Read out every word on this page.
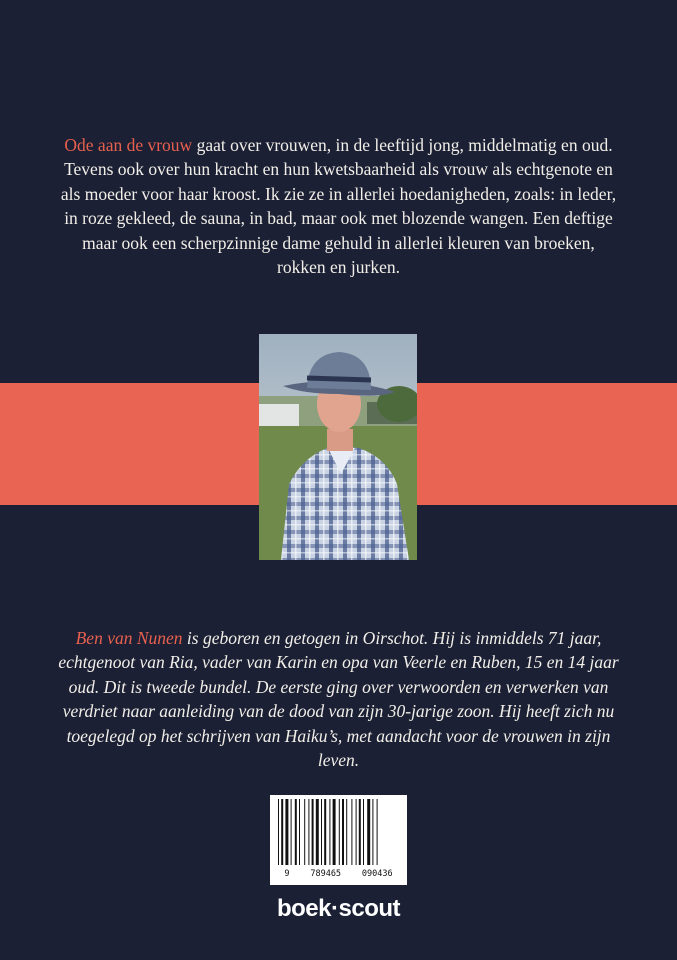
Ode aan de vrouw gaat over vrouwen, in de leeftijd jong, middelmatig en oud. Tevens ook over hun kracht en hun kwetsbaarheid als vrouw als echtgenote en als moeder voor haar kroost. Ik zie ze in allerlei hoedanigheden, zoals: in leder, in roze gekleed, de sauna, in bad, maar ook met blozende wangen. Een deftige maar ook een scherpzinnige dame gehuld in allerlei kleuren van broeken, rokken en jurken.

Ben van Nunen is geboren en getogen in Oirschot. Hij is inmiddels 71 jaar, echtgenoot van Ria, vader van Karin en opa van Veerle en Ruben, 15 en 14 jaar oud. Dit is tweede bundel. De eerste ging over verwoorden en verwerken van verdriet naar aanleiding van de dood van zijn 30-jarige zoon. Hij heeft zich nu toegelegd op het schrijven van Haiku’s, met aandacht voor de vrouwen in zijn leven.

9 789465 090436
boek·scout
